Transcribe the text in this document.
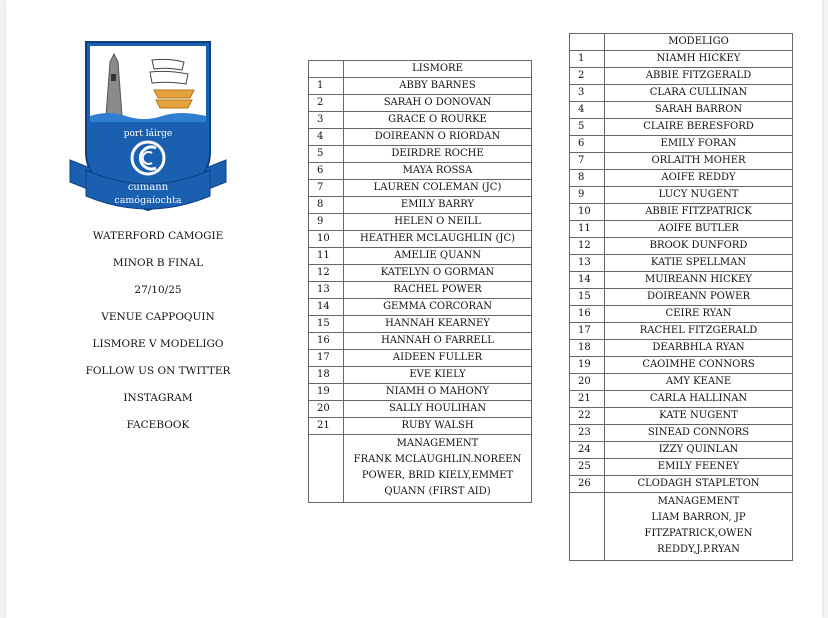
port láirge
cumann
camógaíochta
WATERFORD CAMOGIE
MINOR B FINAL
27/10/25
VENUE CAPPOQUIN
LISMORE V MODELIGO
FOLLOW US ON TWITTER
INSTAGRAM
FACEBOOK
	LISMORE
1	ABBY BARNES
2	SARAH O DONOVAN
3	GRACE O ROURKE
4	DOIREANN O RIORDAN
5	DEIRDRE ROCHE
6	MAYA ROSSA
7	LAUREN COLEMAN (JC)
8	EMILY BARRY
9	HELEN O NEILL
10	HEATHER MCLAUGHLIN (JC)
11	AMELIE QUANN
12	KATELYN O GORMAN
13	RACHEL POWER
14	GEMMA CORCORAN
15	HANNAH KEARNEY
16	HANNAH O FARRELL
17	AIDEEN FULLER
18	EVE KIELY
19	NIAMH O MAHONY
20	SALLY HOULIHAN
21	RUBY WALSH
	MANAGEMENT
FRANK MCLAUGHLIN.NOREEN POWER, BRID KIELY,EMMET QUANN (FIRST AID)
	MODELIGO
1	NIAMH HICKEY
2	ABBIE FITZGERALD
3	CLARA CULLINAN
4	SARAH BARRON
5	CLAIRE BERESFORD
6	EMILY FORAN
7	ORLAITH MOHER
8	AOIFE REDDY
9	LUCY NUGENT
10	ABBIE FITZPATRICK
11	AOIFE BUTLER
12	BROOK DUNFORD
13	KATIE SPELLMAN
14	MUIREANN HICKEY
15	DOIREANN POWER
16	CEIRE RYAN
17	RACHEL FITZGERALD
18	DEARBHLA RYAN
19	CAOIMHE CONNORS
20	AMY KEANE
21	CARLA HALLINAN
22	KATE NUGENT
23	SINEAD CONNORS
24	IZZY QUINLAN
25	EMILY FEENEY
26	CLODAGH STAPLETON
	MANAGEMENT
LIAM BARRON, JP FITZPATRICK,OWEN REDDY,J.P.RYAN
